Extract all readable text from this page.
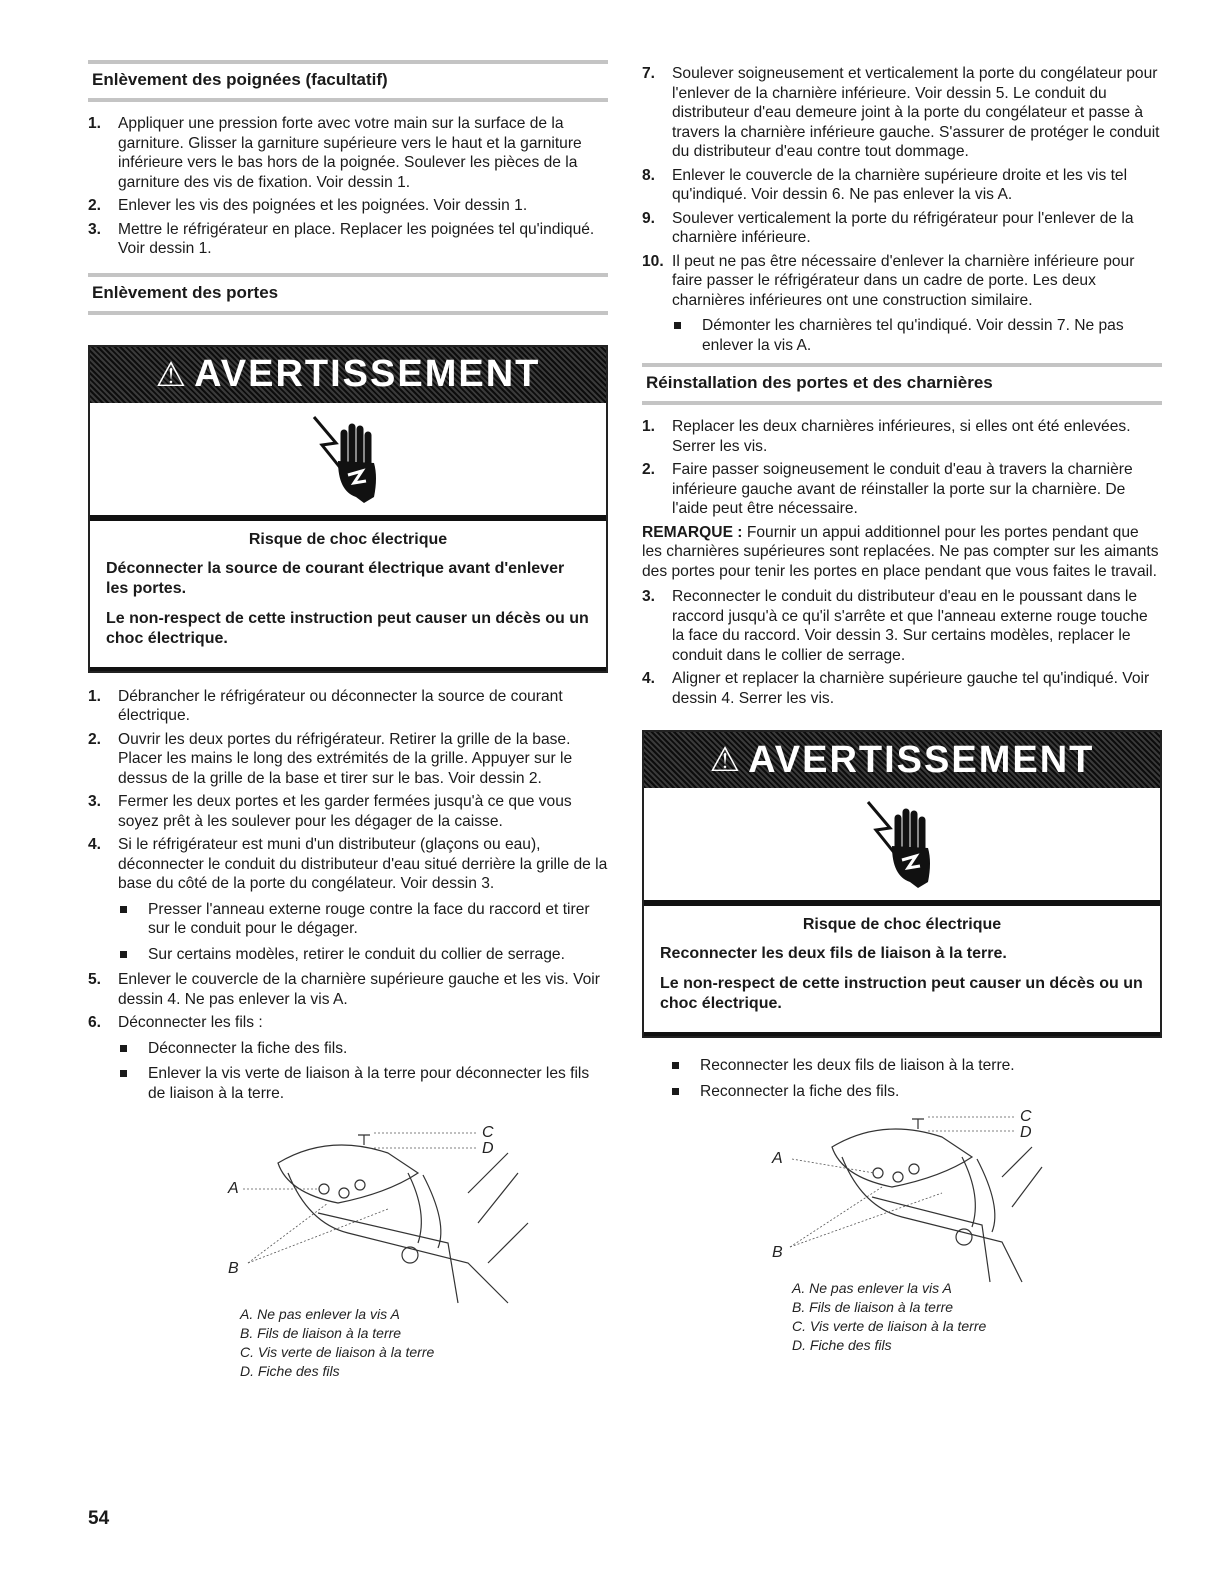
Enlèvement des poignées (facultatif)
1. Appliquer une pression forte avec votre main sur la surface de la garniture. Glisser la garniture supérieure vers le haut et la garniture inférieure vers le bas hors de la poignée. Soulever les pièces de la garniture des vis de fixation. Voir dessin 1.
2. Enlever les vis des poignées et les poignées. Voir dessin 1.
3. Mettre le réfrigérateur en place. Replacer les poignées tel qu'indiqué. Voir dessin 1.
Enlèvement des portes
⚠ AVERTISSEMENT
Risque de choc électrique
Déconnecter la source de courant électrique avant d'enlever les portes.
Le non-respect de cette instruction peut causer un décès ou un choc électrique.
1. Débrancher le réfrigérateur ou déconnecter la source de courant électrique.
2. Ouvrir les deux portes du réfrigérateur. Retirer la grille de la base. Placer les mains le long des extrémités de la grille. Appuyer sur le dessus de la grille de la base et tirer sur le bas. Voir dessin 2.
3. Fermer les deux portes et les garder fermées jusqu'à ce que vous soyez prêt à les soulever pour les dégager de la caisse.
4. Si le réfrigérateur est muni d'un distributeur (glaçons ou eau), déconnecter le conduit du distributeur d'eau situé derrière la grille de la base du côté de la porte du congélateur. Voir dessin 3.
Presser l'anneau externe rouge contre la face du raccord et tirer sur le conduit pour le dégager.
Sur certains modèles, retirer le conduit du collier de serrage.
5. Enlever le couvercle de la charnière supérieure gauche et les vis. Voir dessin 4. Ne pas enlever la vis A.
6. Déconnecter les fils :
Déconnecter la fiche des fils.
Enlever la vis verte de liaison à la terre pour déconnecter les fils de liaison à la terre.
C
D
A
B
A. Ne pas enlever la vis A
B. Fils de liaison à la terre
C. Vis verte de liaison à la terre
D. Fiche des fils
7. Soulever soigneusement et verticalement la porte du congélateur pour l'enlever de la charnière inférieure. Voir dessin 5. Le conduit du distributeur d'eau demeure joint à la porte du congélateur et passe à travers la charnière inférieure gauche. S'assurer de protéger le conduit du distributeur d'eau contre tout dommage.
8. Enlever le couvercle de la charnière supérieure droite et les vis tel qu'indiqué. Voir dessin 6. Ne pas enlever la vis A.
9. Soulever verticalement la porte du réfrigérateur pour l'enlever de la charnière inférieure.
10. Il peut ne pas être nécessaire d'enlever la charnière inférieure pour faire passer le réfrigérateur dans un cadre de porte. Les deux charnières inférieures ont une construction similaire.
Démonter les charnières tel qu'indiqué. Voir dessin 7. Ne pas enlever la vis A.
Réinstallation des portes et des charnières
1. Replacer les deux charnières inférieures, si elles ont été enlevées. Serrer les vis.
2. Faire passer soigneusement le conduit d'eau à travers la charnière inférieure gauche avant de réinstaller la porte sur la charnière. De l'aide peut être nécessaire.

REMARQUE : Fournir un appui additionnel pour les portes pendant que les charnières supérieures sont replacées. Ne pas compter sur les aimants des portes pour tenir les portes en place pendant que vous faites le travail.

3. Reconnecter le conduit du distributeur d'eau en le poussant dans le raccord jusqu'à ce qu'il s'arrête et que l'anneau externe rouge touche la face du raccord. Voir dessin 3. Sur certains modèles, replacer le conduit dans le collier de serrage.
4. Aligner et replacer la charnière supérieure gauche tel qu'indiqué. Voir dessin 4. Serrer les vis.
⚠ AVERTISSEMENT
Risque de choc électrique
Reconnecter les deux fils de liaison à la terre.
Le non-respect de cette instruction peut causer un décès ou un choc électrique.
Reconnecter les deux fils de liaison à la terre.
Reconnecter la fiche des fils.
C
D
A
B
A. Ne pas enlever la vis A
B. Fils de liaison à la terre
C. Vis verte de liaison à la terre
D. Fiche des fils
54
